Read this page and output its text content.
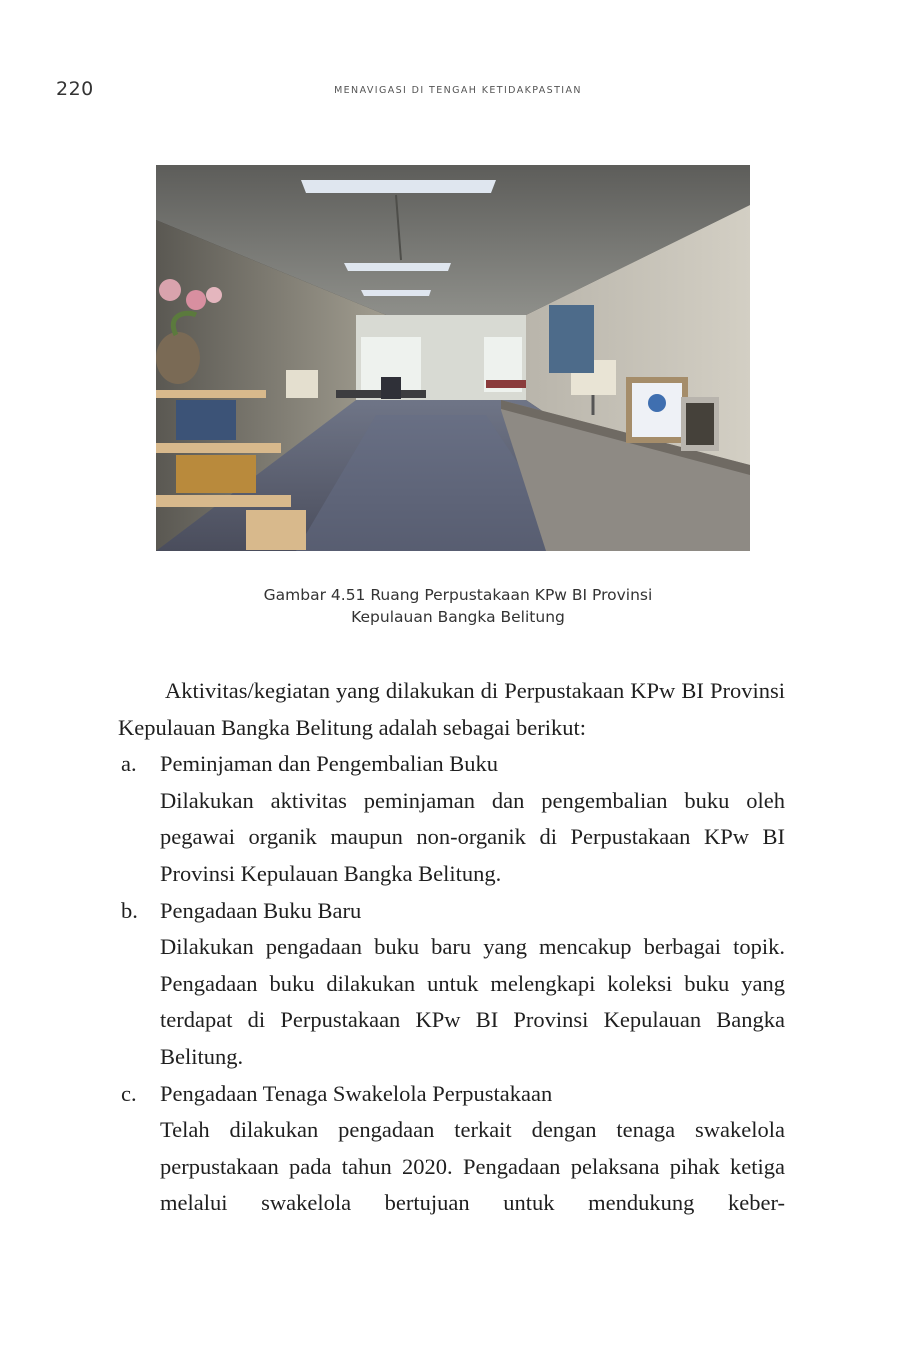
220	MENAVIGASI DI TENGAH KETIDAKPASTIAN
Gambar 4.51 Ruang Perpustakaan KPw BI Provinsi
Kepulauan Bangka Belitung

Aktivitas/kegiatan yang dilakukan di Perpustakaan KPw BI Provinsi Kepulauan Bangka Belitung adalah sebagai berikut:

a. Peminjaman dan Pengembalian Buku

Dilakukan aktivitas peminjaman dan pengembalian buku oleh pegawai organik maupun non-organik di Perpustakaan KPw BI Provinsi Kepulauan Bangka Belitung.

b. Pengadaan Buku Baru

Dilakukan pengadaan buku baru yang mencakup berbagai topik. Pengadaan buku dilakukan untuk melengkapi koleksi buku yang terdapat di Perpustakaan KPw BI Provinsi Kepulauan Bangka Belitung.

c. Pengadaan Tenaga Swakelola Perpustakaan

Telah dilakukan pengadaan terkait dengan tenaga swakelola perpustakaan pada tahun 2020. Pengadaan pelaksana pihak ketiga melalui swakelola bertujuan untuk mendukung keber-
